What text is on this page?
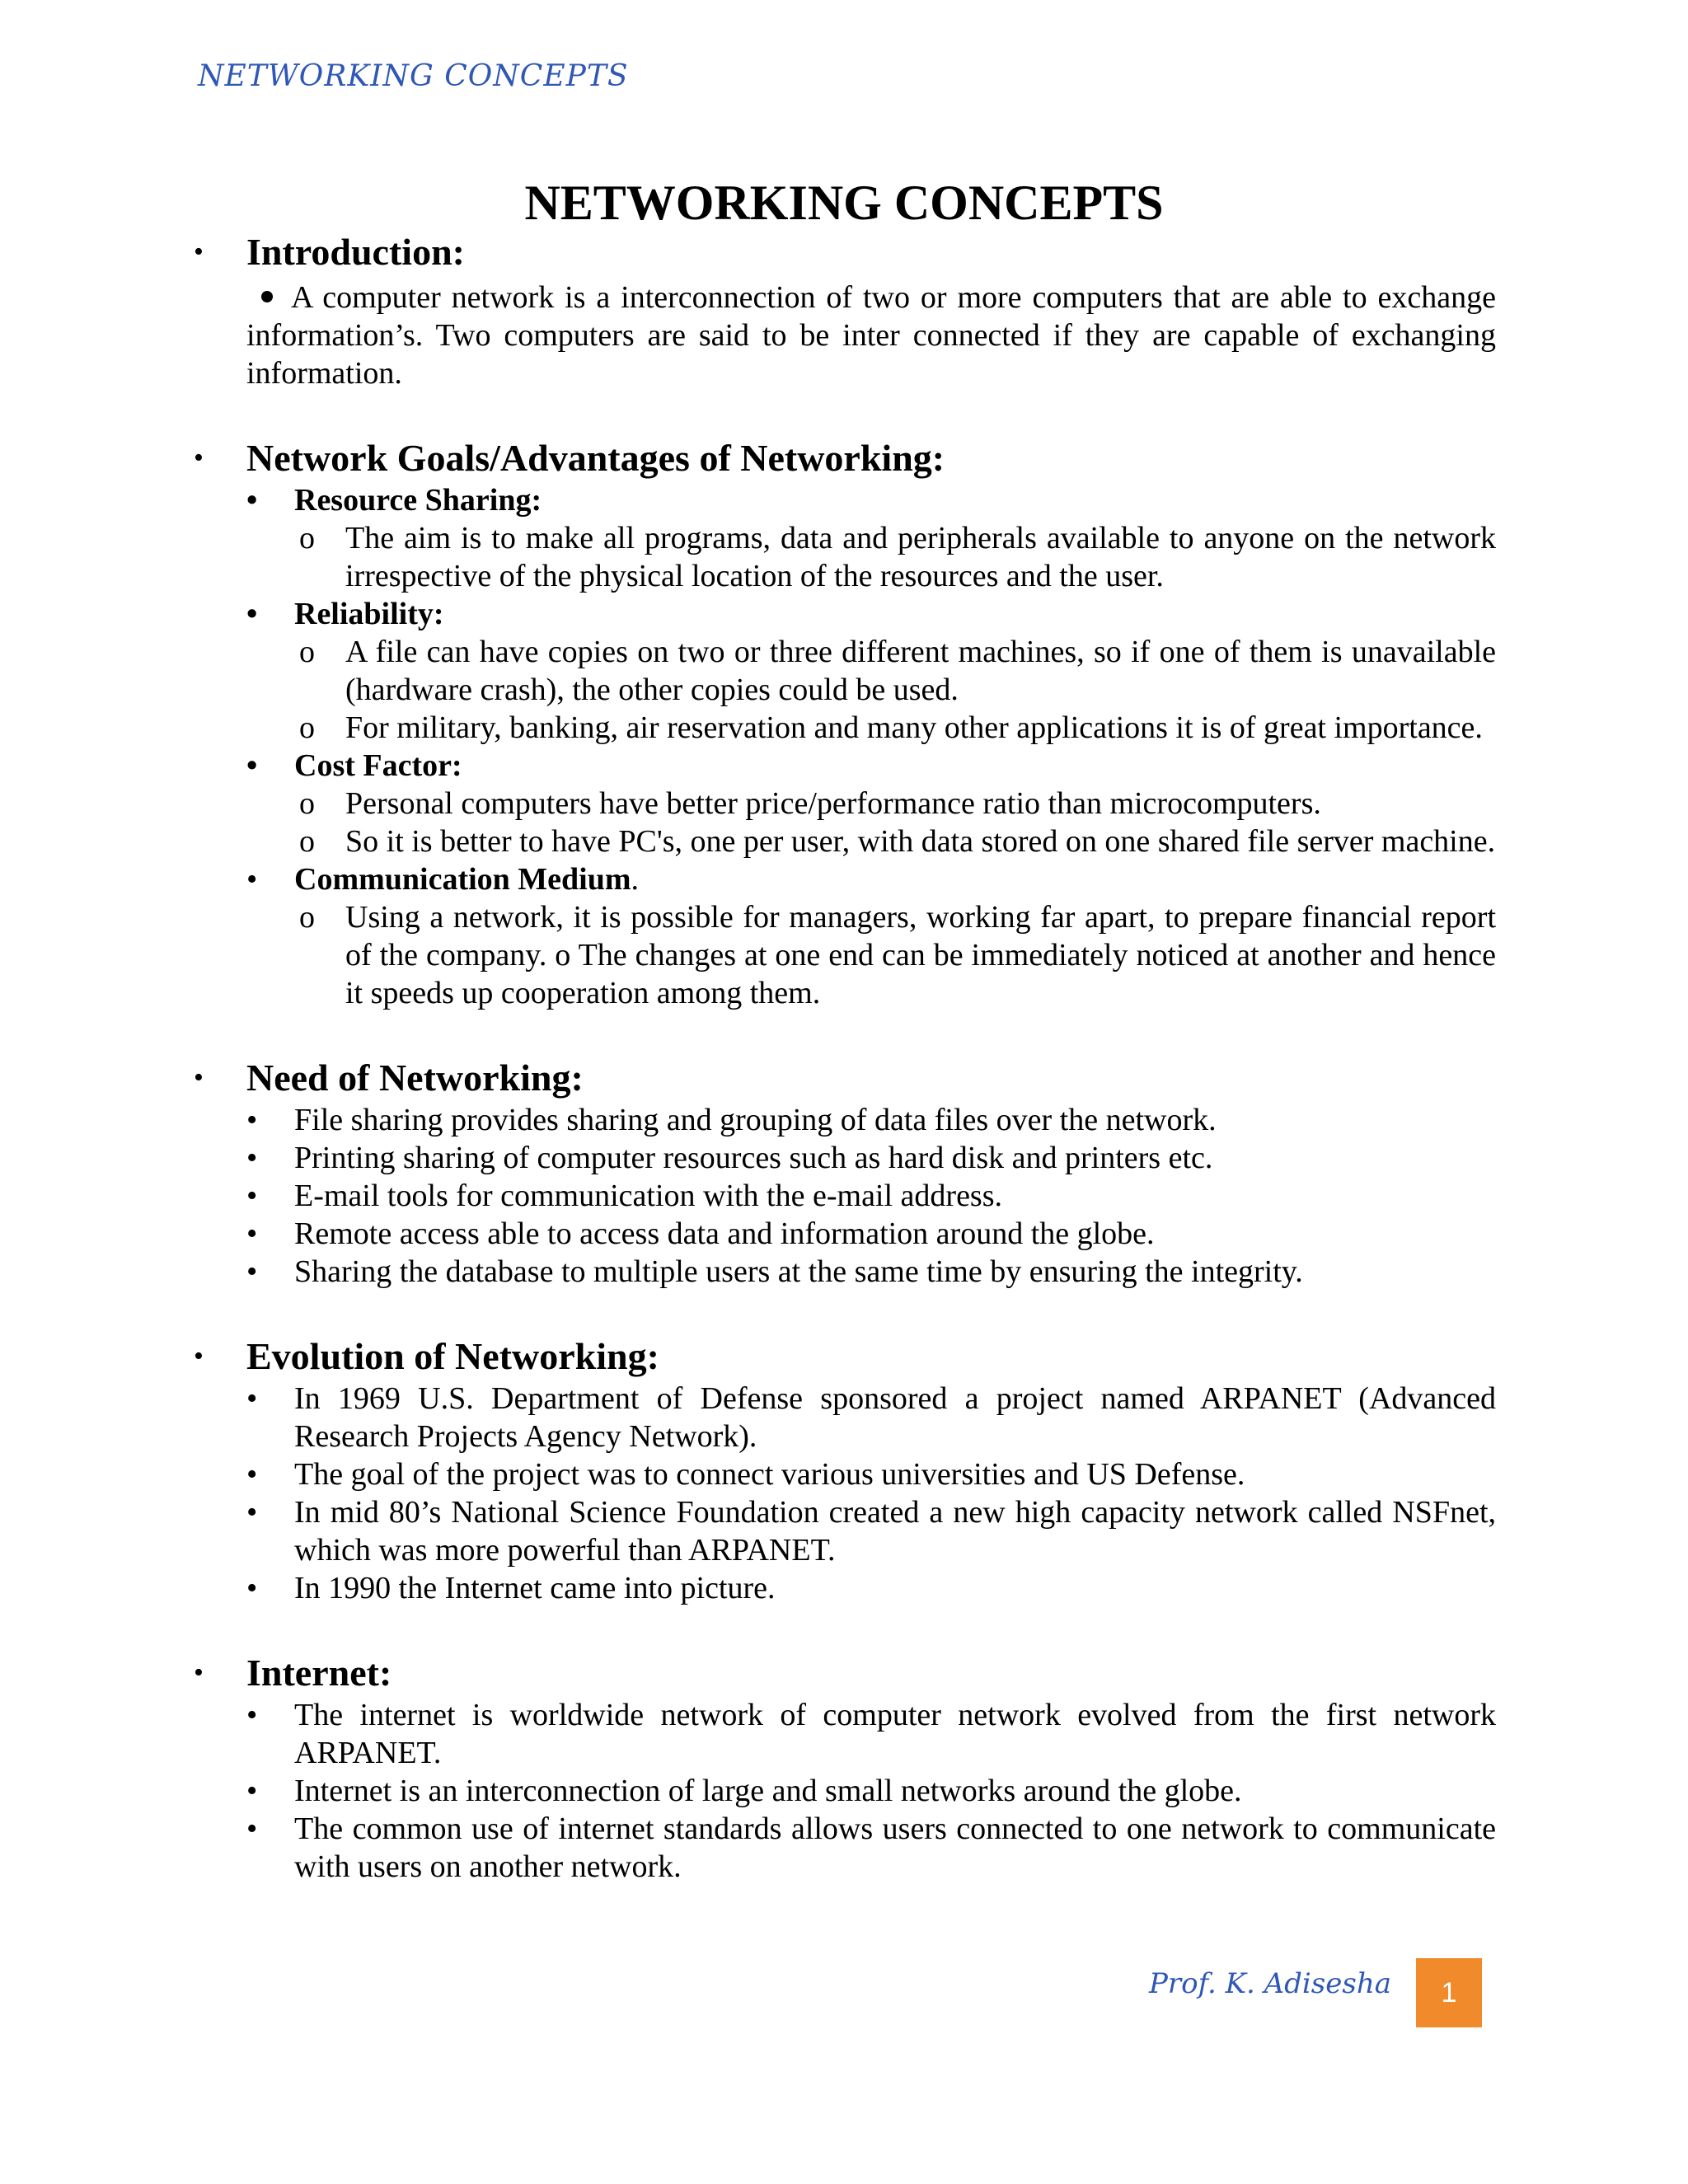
NETWORKING CONCEPTS
NETWORKING CONCEPTS
• Introduction:
A computer network is a interconnection of two or more computers that are able to exchange information’s. Two computers are said to be inter connected if they are capable of exchanging information.
• Network Goals/Advantages of Networking:
•	Resource Sharing:
o The aim is to make all programs, data and peripherals available to anyone on the network irrespective of the physical location of the resources and the user.
•	Reliability:
o A file can have copies on two or three different machines, so if one of them is unavailable (hardware crash), the other copies could be used.
o For military, banking, air reservation and many other applications it is of great importance.
•	Cost Factor:
o Personal computers have better price/performance ratio than microcomputers.
o So it is better to have PC's, one per user, with data stored on one shared file server machine.
•	Communication Medium.
o Using a network, it is possible for managers, working far apart, to prepare financial report of the company. o The changes at one end can be immediately noticed at another and hence it speeds up cooperation among them.
• Need of Networking:
•	File sharing provides sharing and grouping of data files over the network.
•	Printing sharing of computer resources such as hard disk and printers etc.
•	E-mail tools for communication with the e-mail address.
•	Remote access able to access data and information around the globe.
•	Sharing the database to multiple users at the same time by ensuring the integrity.
• Evolution of Networking:
•	In 1969 U.S. Department of Defense sponsored a project named ARPANET (Advanced Research Projects Agency Network).
•	The goal of the project was to connect various universities and US Defense.
•	In mid 80’s National Science Foundation created a new high capacity network called NSFnet, which was more powerful than ARPANET.
•	In 1990 the Internet came into picture.
• Internet:
•	The internet is worldwide network of computer network evolved from the first network ARPANET.
•	Internet is an interconnection of large and small networks around the globe.
•	The common use of internet standards allows users connected to one network to communicate with users on another network.
Prof. K. Adisesha	1
